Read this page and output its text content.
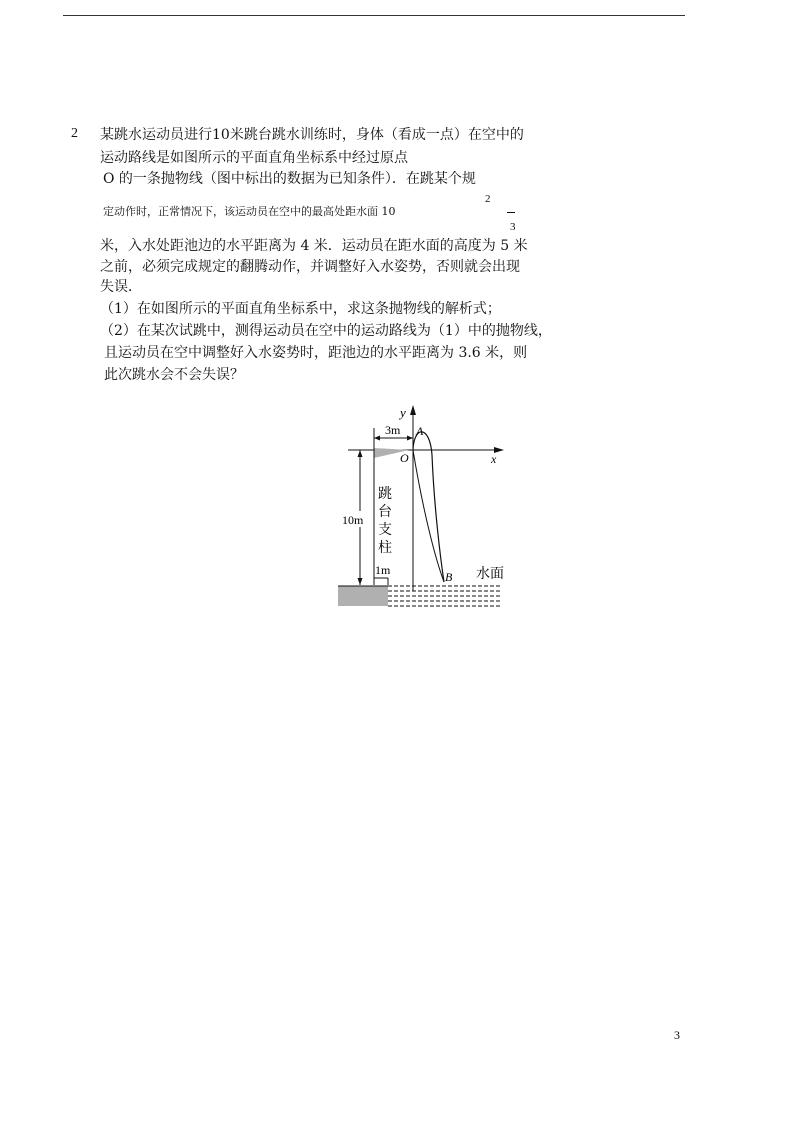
2 某跳水运动员进行10米跳台跳水训练时，身体（看成一点）在空中的
运动路线是如图所示的平面直角坐标系中经过原点
O 的一条抛物线（图中标出的数据为已知条件）．在跳某个规
定动作时，正常情况下，该运动员在空中的最高处距水面 10
2
3
米，入水处距池边的水平距离为 4 米．运动员在距水面的高度为 5 米
之前，必须完成规定的翻腾动作，并调整好入水姿势，否则就会出现
失误．
（1）在如图所示的平面直角坐标系中，求这条抛物线的解析式；
（2）在某次试跳中，测得运动员在空中的运动路线为（1）中的抛物线，
且运动员在空中调整好入水姿势时，距池边的水平距离为 3.6 米，则
此次跳水会不会失误？
3m A
O
y
x
跳
台
支
柱
10m
1m	B 水面
3
